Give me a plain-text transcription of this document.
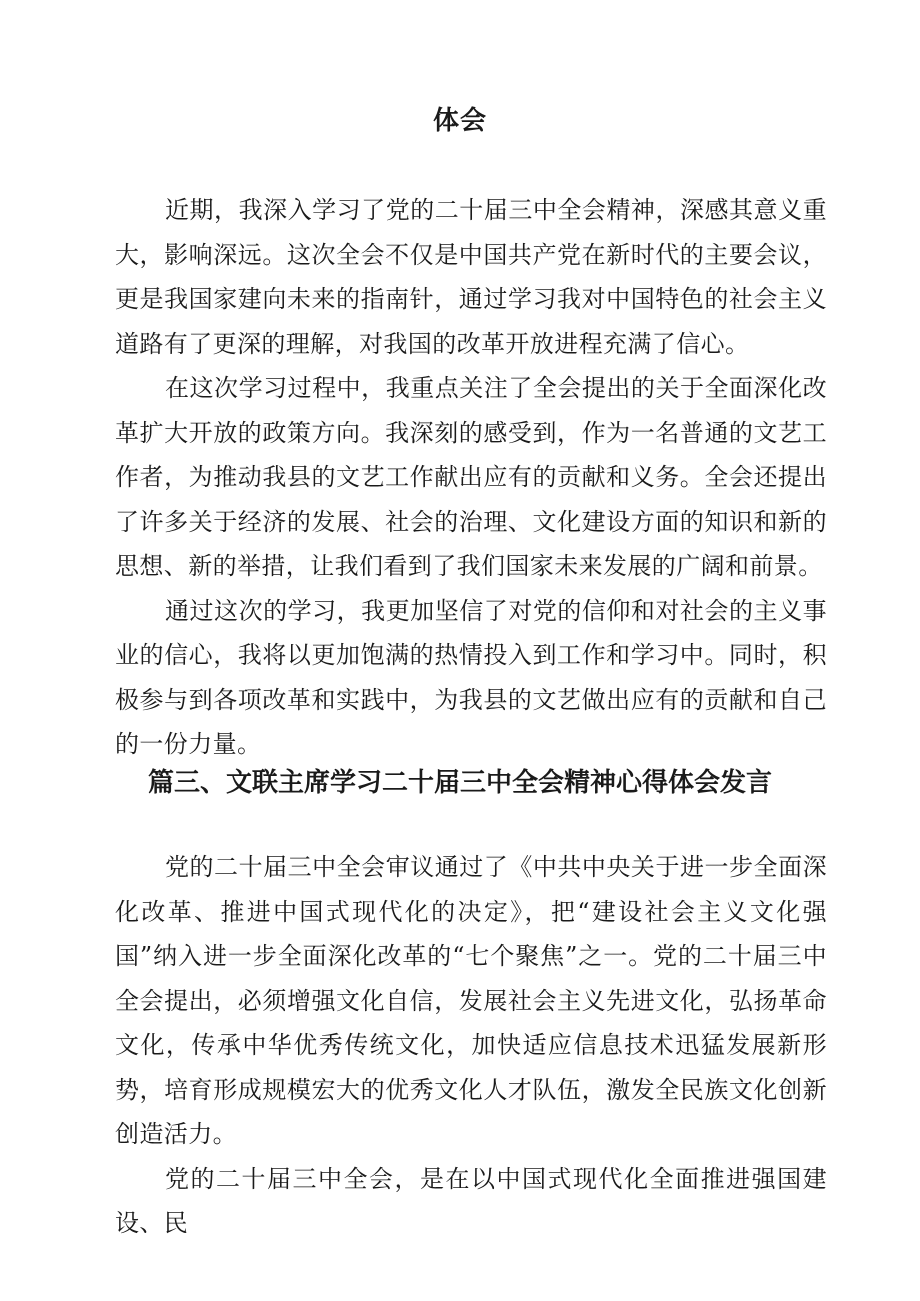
体会

近期，我深入学习了党的二十届三中全会精神，深感其意义重大，影响深远。这次全会不仅是中国共产党在新时代的主要会议，更是我国家建向未来的指南针，通过学习我对中国特色的社会主义道路有了更深的理解，对我国的改革开放进程充满了信心。

在这次学习过程中，我重点关注了全会提出的关于全面深化改革扩大开放的政策方向。我深刻的感受到，作为一名普通的文艺工作者，为推动我县的文艺工作献出应有的贡献和义务。全会还提出了许多关于经济的发展、社会的治理、文化建设方面的知识和新的思想、新的举措，让我们看到了我们国家未来发展的广阔和前景。

通过这次的学习，我更加坚信了对党的信仰和对社会的主义事业的信心，我将以更加饱满的热情投入到工作和学习中。同时，积极参与到各项改革和实践中，为我县的文艺做出应有的贡献和自己的一份力量。

篇三、文联主席学习二十届三中全会精神心得体会发言

党的二十届三中全会审议通过了《中共中央关于进一步全面深化改革、推进中国式现代化的决定》，把“建设社会主义文化强国”纳入进一步全面深化改革的“七个聚焦”之一。党的二十届三中全会提出，必须增强文化自信，发展社会主义先进文化，弘扬革命文化，传承中华优秀传统文化，加快适应信息技术迅猛发展新形势，培育形成规模宏大的优秀文化人才队伍，激发全民族文化创新创造活力。

党的二十届三中全会，是在以中国式现代化全面推进强国建设、民
